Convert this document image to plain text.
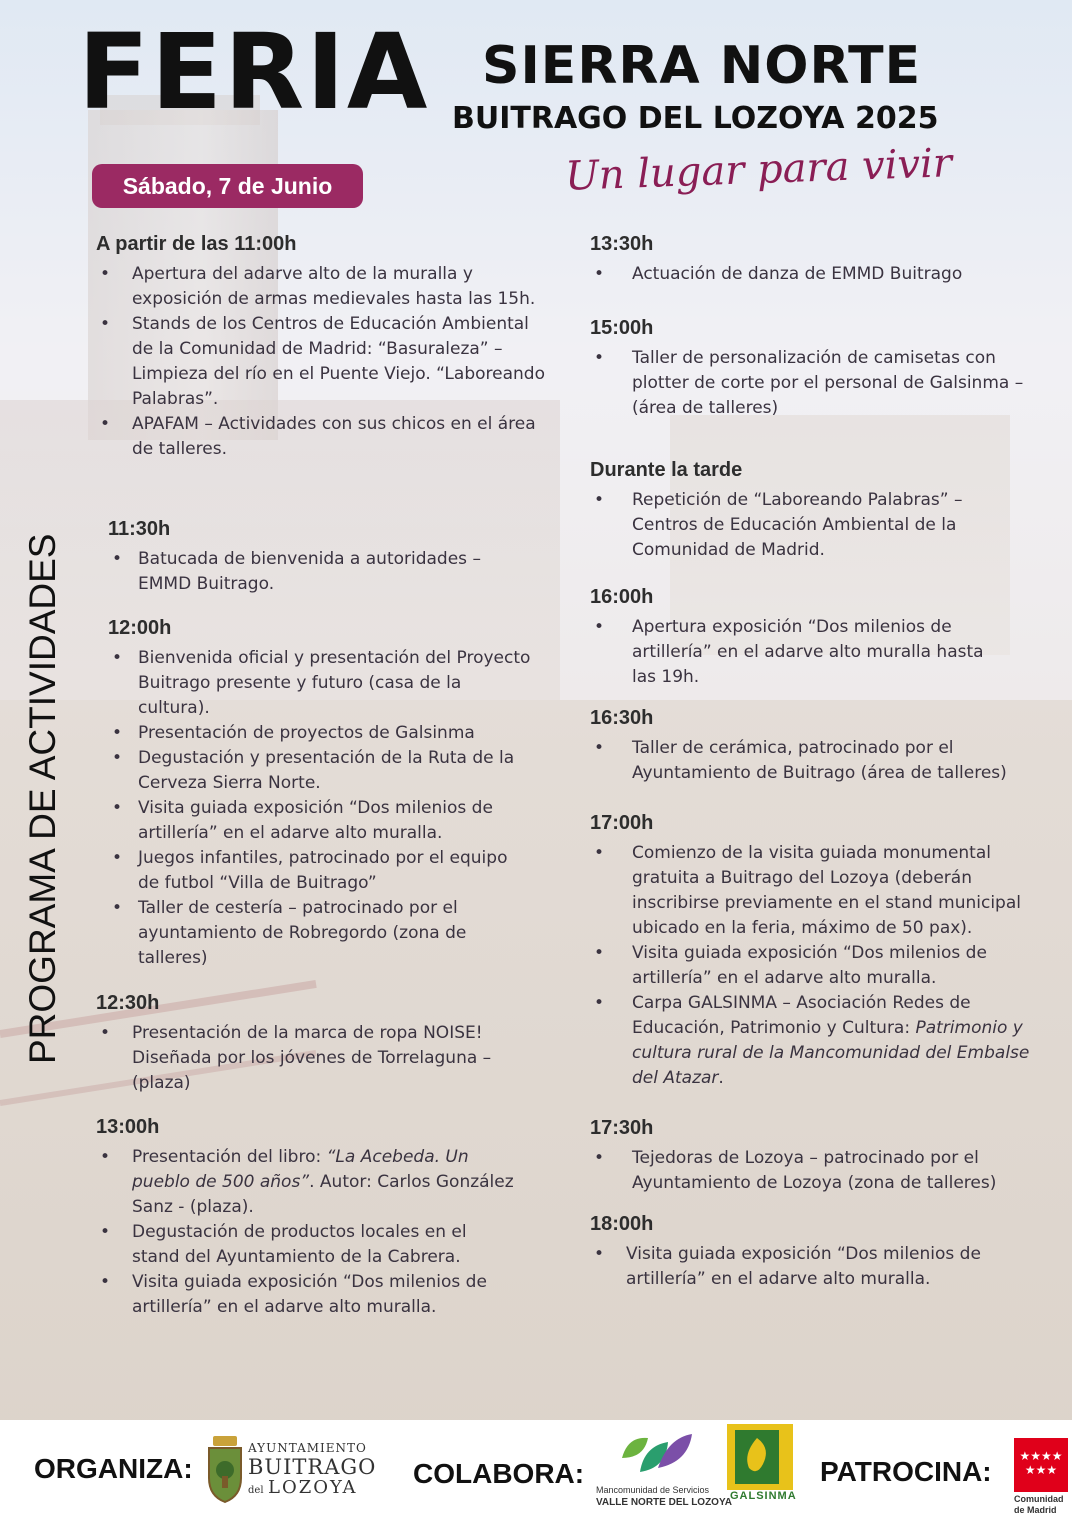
FERIA SIERRA NORTE
BUITRAGO DEL LOZOYA 2025
Un lugar para vivir
Sábado, 7 de Junio
PROGRAMA DE ACTIVIDADES
A partir de las 11:00h
• Apertura del adarve alto de la muralla y exposición de armas medievales hasta las 15h.
• Stands de los Centros de Educación Ambiental de la Comunidad de Madrid: “Basuraleza” – Limpieza del río en el Puente Viejo. “Laboreando Palabras”.
• APAFAM – Actividades con sus chicos en el área de talleres.
11:30h
• Batucada de bienvenida a autoridades – EMMD Buitrago.
12:00h
• Bienvenida oficial y presentación del Proyecto Buitrago presente y futuro (casa de la cultura).
• Presentación de proyectos de Galsinma
• Degustación y presentación de la Ruta de la Cerveza Sierra Norte.
• Visita guiada exposición “Dos milenios de artillería” en el adarve alto muralla.
• Juegos infantiles, patrocinado por el equipo de futbol “Villa de Buitrago”
• Taller de cestería – patrocinado por el ayuntamiento de Robregordo (zona de talleres)
12:30h
• Presentación de la marca de ropa NOISE! Diseñada por los jóvenes de Torrelaguna – (plaza)
13:00h
• Presentación del libro: “La Acebeda. Un pueblo de 500 años”. Autor: Carlos González Sanz - (plaza).
• Degustación de productos locales en el stand del Ayuntamiento de la Cabrera.
• Visita guiada exposición “Dos milenios de artillería” en el adarve alto muralla.
13:30h
• Actuación de danza de EMMD Buitrago
15:00h
• Taller de personalización de camisetas con plotter de corte por el personal de Galsinma – (área de talleres)
Durante la tarde
• Repetición de “Laboreando Palabras” – Centros de Educación Ambiental de la Comunidad de Madrid.
16:00h
• Apertura exposición “Dos milenios de artillería” en el adarve alto muralla hasta las 19h.
16:30h
• Taller de cerámica, patrocinado por el Ayuntamiento de Buitrago (área de talleres)
17:00h
• Comienzo de la visita guiada monumental gratuita a Buitrago del Lozoya (deberán inscribirse previamente en el stand municipal ubicado en la feria, máximo de 50 pax).
• Visita guiada exposición “Dos milenios de artillería” en el adarve alto muralla.
• Carpa GALSINMA – Asociación Redes de Educación, Patrimonio y Cultura: Patrimonio y cultura rural de la Mancomunidad del Embalse del Atazar.
17:30h
• Tejedoras de Lozoya – patrocinado por el Ayuntamiento de Lozoya (zona de talleres)
18:00h
• Visita guiada exposición “Dos milenios de artillería” en el adarve alto muralla.
ORGANIZA:
AYUNTAMIENTO
BUITRAGO
del LOZOYA COLABORA:
Mancomunidad de Servicios
VALLE NORTE DEL LOZOYA
GALSINMA
PATROCINA: ★★★★
★★★
Comunidad
de Madrid
